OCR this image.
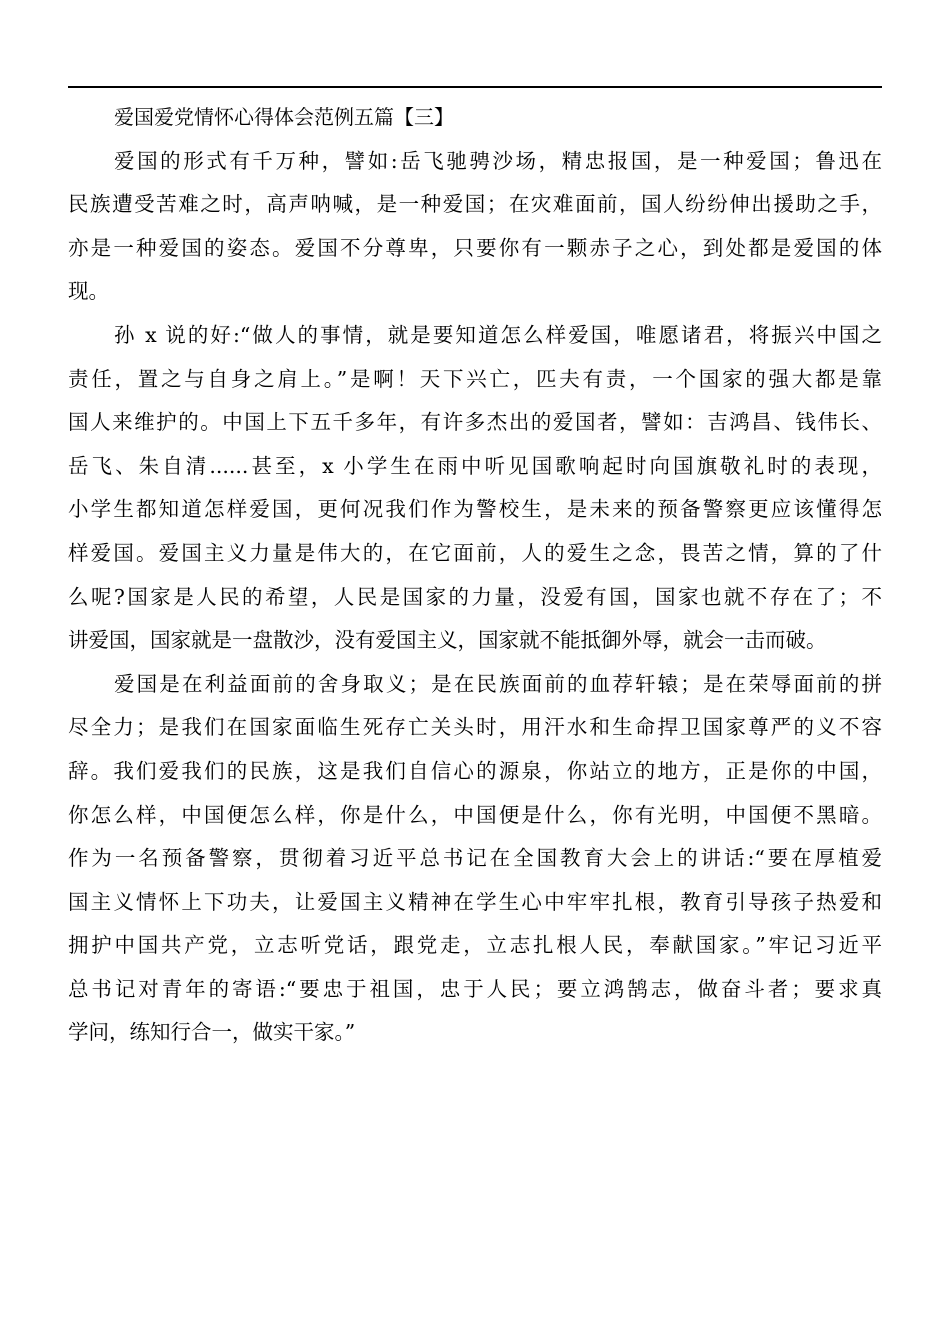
爱国爱党情怀心得体会范例五篇【三】
爱国的形式有千万种，譬如:岳飞驰骋沙场，精忠报国，是一种爱国；鲁迅在
民族遭受苦难之时，高声呐喊，是一种爱国；在灾难面前，国人纷纷伸出援助之手，
亦是一种爱国的姿态。爱国不分尊卑，只要你有一颗赤子之心，到处都是爱国的体
现。
孙 x 说的好:“做人的事情，就是要知道怎么样爱国，唯愿诸君，将振兴中国之
责任，置之与自身之肩上。”是啊！天下兴亡，匹夫有责，一个国家的强大都是靠
国人来维护的。中国上下五千多年，有许多杰出的爱国者，譬如：吉鸿昌、钱伟长、
岳飞、朱自清......甚至，x 小学生在雨中听见国歌响起时向国旗敬礼时的表现，
小学生都知道怎样爱国，更何况我们作为警校生，是未来的预备警察更应该懂得怎
样爱国。爱国主义力量是伟大的，在它面前，人的爱生之念，畏苦之情，算的了什
么呢?国家是人民的希望，人民是国家的力量，没爱有国，国家也就不存在了；不
讲爱国，国家就是一盘散沙，没有爱国主义，国家就不能抵御外辱，就会一击而破。
爱国是在利益面前的舍身取义；是在民族面前的血荐轩辕；是在荣辱面前的拼
尽全力；是我们在国家面临生死存亡关头时，用汗水和生命捍卫国家尊严的义不容
辞。我们爱我们的民族，这是我们自信心的源泉，你站立的地方，正是你的中国，
你怎么样，中国便怎么样，你是什么，中国便是什么，你有光明，中国便不黑暗。
作为一名预备警察，贯彻着习近平总书记在全国教育大会上的讲话:“要在厚植爱
国主义情怀上下功夫，让爱国主义精神在学生心中牢牢扎根，教育引导孩子热爱和
拥护中国共产党，立志听党话，跟党走，立志扎根人民，奉献国家。”牢记习近平
总书记对青年的寄语:“要忠于祖国，忠于人民；要立鸿鹄志，做奋斗者；要求真
学问，练知行合一，做实干家。”
